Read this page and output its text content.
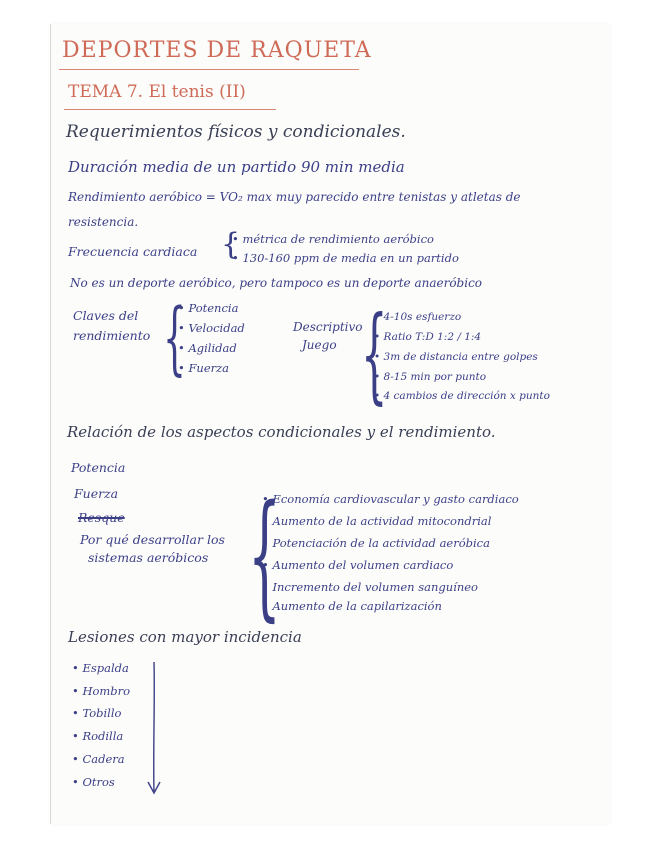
DEPORTES DE RAQUETA
TEMA 7. El tenis (II)
Requerimientos físicos y condicionales.
Duración media de un partido 90 min media
Rendimiento aeróbico = VO₂ max muy parecido entre tenistas y atletas de
resistencia.
Frecuencia cardiaca {
• métrica de rendimiento aeróbico
• 130-160 ppm de media en un partido
No es un deporte aeróbico, pero tampoco es un deporte anaeróbico
Claves del
rendimiento {
• Potencia
• Velocidad
• Agilidad
• Fuerza
Descriptivo
Juego {
• 4-10s esfuerzo
• Ratio T:D 1:2 / 1:4
• 3m de distancia entre golpes
• 8-15 min por punto
• 4 cambios de dirección x punto
Relación de los aspectos condicionales y el rendimiento.
Potencia
Fuerza
Resque
Por qué desarrollar los
sistemas aeróbicos {
• Economía cardiovascular y gasto cardiaco
• Aumento de la actividad mitocondrial
• Potenciación de la actividad aeróbica
• Aumento del volumen cardiaco
• Incremento del volumen sanguíneo
• Aumento de la capilarización
Lesiones con mayor incidencia
• Espalda
• Hombro
• Tobillo
• Rodilla
• Cadera
• Otros
